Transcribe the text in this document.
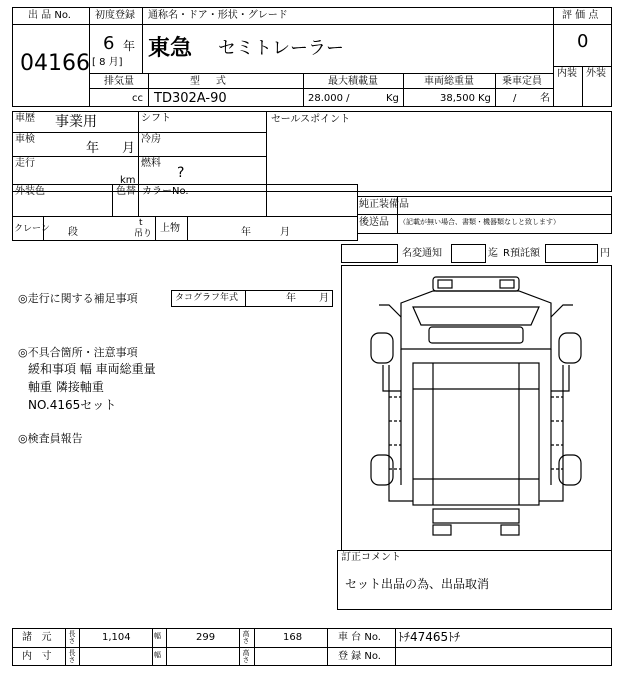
出 品 No.
04166
初度登録
6 年
[ 8 月]
通称名・ドア・形状・グレード
東急 セミトレーラー
評 価 点
0
内装 外装
排気量
cc
型     式
TD302A-90
最大積載量
28.000 /	Kg
車両総重量
38,500 Kg
乗車定員
/ 名
車歴 事業用
車検
年 月
走行
km
シフト
冷房
燃料
?
セールスポイント
外装色	色替 カラーNo.
純正装備品
後送品 （記載が無い場合、書類・機器類なしと致します）
クレーン 段
t
吊り 上物	年	月
名変通知	迄 R預託額	円
◎走行に関する補足事項	タコグラフ年式	年 月
◎不具合箇所・注意事項
緩和事項 幅 車両総重量
軸重 隣接軸重
NO.4165セット
◎検査員報告
訂正コメント
セット出品の為、出品取消
諸   元 長さ	1,104	幅	299	高さ	168	車 台 No. ﾄﾁ47465ﾄﾁ
内   寸 長さ	幅	高さ	登 録 No.
